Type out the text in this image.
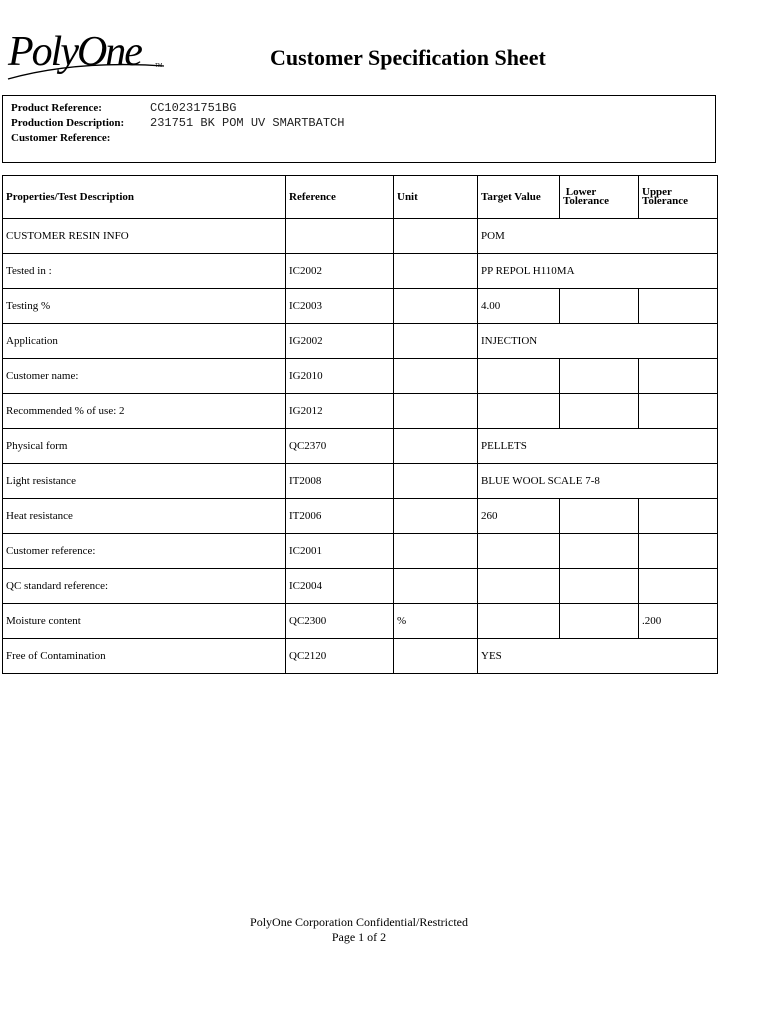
PolyOne	TM	Customer Specification Sheet
Product Reference:	CC10231751BG
Production Description: 231751 BK POM UV SMARTBATCH
Customer Reference:
Properties/Test Description	Reference	Unit	Target Value	Lower Tolerance	Upper Tolerance
CUSTOMER RESIN INFO			POM		
Tested in :	IC2002		PP REPOL H110MA		
Testing %	IC2003		4.00		
Application	IG2002		INJECTION		
Customer name:	IG2010				
Recommended % of use: 2	IG2012				
Physical form	QC2370		PELLETS		
Light resistance	IT2008		BLUE WOOL SCALE 7-8		
Heat resistance	IT2006		260		
Customer reference:	IC2001				
QC standard reference:	IC2004				
Moisture content	QC2300	%			.200
Free of Contamination	QC2120		YES		
PolyOne Corporation Confidential/Restricted
Page 1 of 2
